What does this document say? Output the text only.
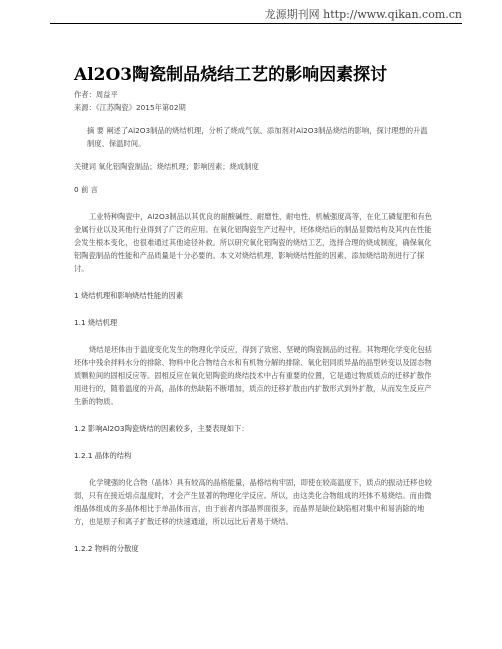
龙源期刊网 http://www.qikan.com.cn
Al2O3陶瓷制品烧结工艺的影响因素探讨

作者：周益平

来源：《江苏陶瓷》2015年第02期

摘 要 阐述了Al2O3制品的烧结机理，分析了烧成气氛、添加剂对Al2O3制品烧结的影响，探讨理想的升温制度、保温时间。

关键词 氧化铝陶瓷制品；烧结机理；影响因素；烧成制度

0 前 言

工业特种陶瓷中，Al2O3制品以其优良的耐酸碱性、耐磨性、耐电性、机械强度高等，在化工磷复肥和有色金属行业以及其他行业得到了广泛的应用。在氧化铝陶瓷生产过程中，坯体烧结后的制品显微结构及其内在性能会发生根本变化，也很难通过其他途径补救。所以研究氧化铝陶瓷的烧结工艺，选择合理的烧成制度，确保氧化铝陶瓷制品的性能和产品质量是十分必要的。本文对烧结机理、影响烧结性能的因素、添加烧结助剂进行了探讨。

1 烧结机理和影响烧结性能的因素

1.1 烧结机理

烧结是坯体由于温度变化发生的物理化学反应，得到了致密、坚硬的陶瓷制品的过程。其物理化学变化包括坯体中残余拌料水分的排除、物料中化合物结合水和有机物分解的排除、氧化铝同质异晶的晶型转变以及固态物质颗粒间的固相反应等。固相反应在氧化铝陶瓷的烧结技术中占有重要的位置，它是通过物质质点的迁移扩散作用进行的，随着温度的升高，晶体的热缺陷不断增加，质点的迁移扩散由内扩散形式到外扩散，从而发生反应产生新的物质。

1.2 影响Al2O3陶瓷烧结的因素较多，主要表现如下：

1.2.1 晶体的结构

化学键强的化合物（晶体）具有较高的晶格能量，晶格结构牢固，即使在较高温度下，质点的振动迁移也较弱，只有在接近熔点温度时，才会产生显著的物理化学反应。所以，由这类化合物组成的坯体不易烧结。而由微细晶体组成的多晶体相比于单晶体而言，由于前者内部晶界面很多，而晶界是缺位缺陷相对集中和易消除的地方，也是原子和离子扩散迁移的快速通道，所以远比后者易于烧结。

1.2.2 物料的分散度
